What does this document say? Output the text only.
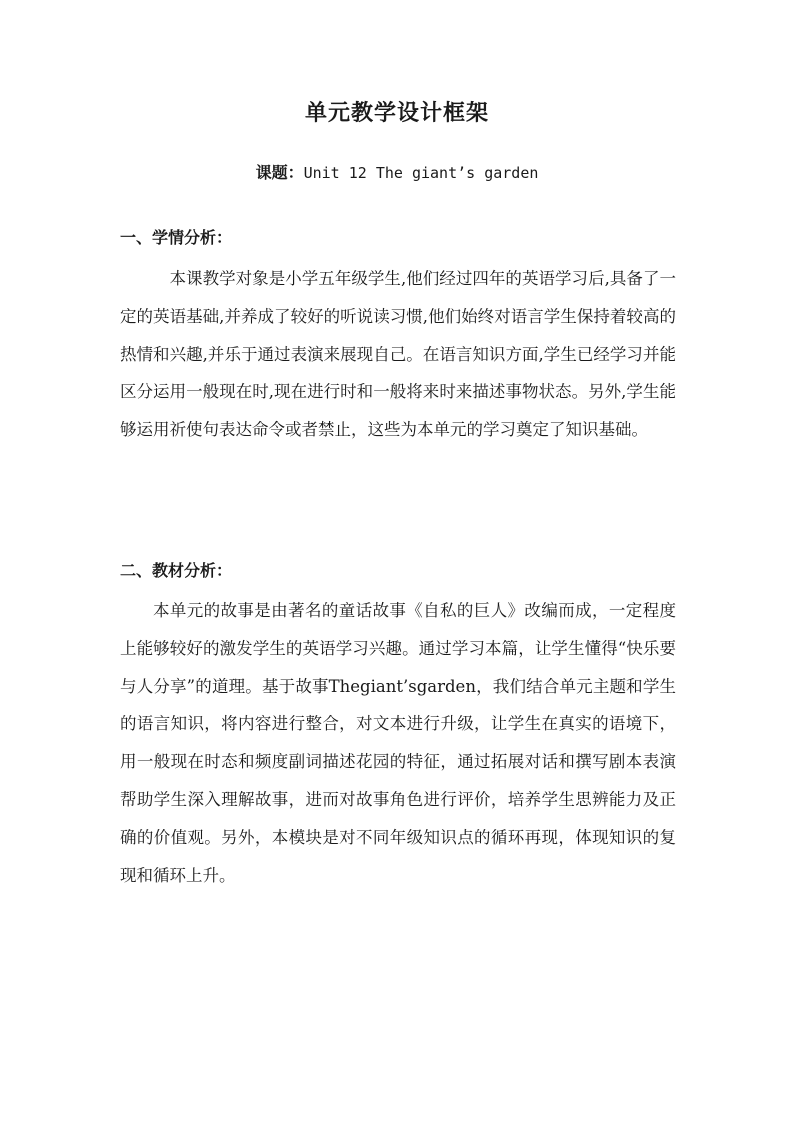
单元教学设计框架
课题：Unit 12 The giant’s garden
一、学情分析：

本课教学对象是小学五年级学生,他们经过四年的英语学习后,具备了一定的英语基础,并养成了较好的听说读习惯,他们始终对语言学生保持着较高的热情和兴趣,并乐于通过表演来展现自己。在语言知识方面,学生已经学习并能区分运用一般现在时,现在进行时和一般将来时来描述事物状态。另外,学生能够运用祈使句表达命令或者禁止，这些为本单元的学习奠定了知识基础。

二、教材分析：

本单元的故事是由著名的童话故事《自私的巨人》改编而成，一定程度上能够较好的激发学生的英语学习兴趣。通过学习本篇，让学生懂得“快乐要与人分享”的道理。基于故事Thegiant’sgarden，我们结合单元主题和学生的语言知识，将内容进行整合，对文本进行升级，让学生在真实的语境下，用一般现在时态和频度副词描述花园的特征，通过拓展对话和撰写剧本表演帮助学生深入理解故事，进而对故事角色进行评价，培养学生思辨能力及正确的价值观。另外，本模块是对不同年级知识点的循环再现，体现知识的复现和循环上升。
